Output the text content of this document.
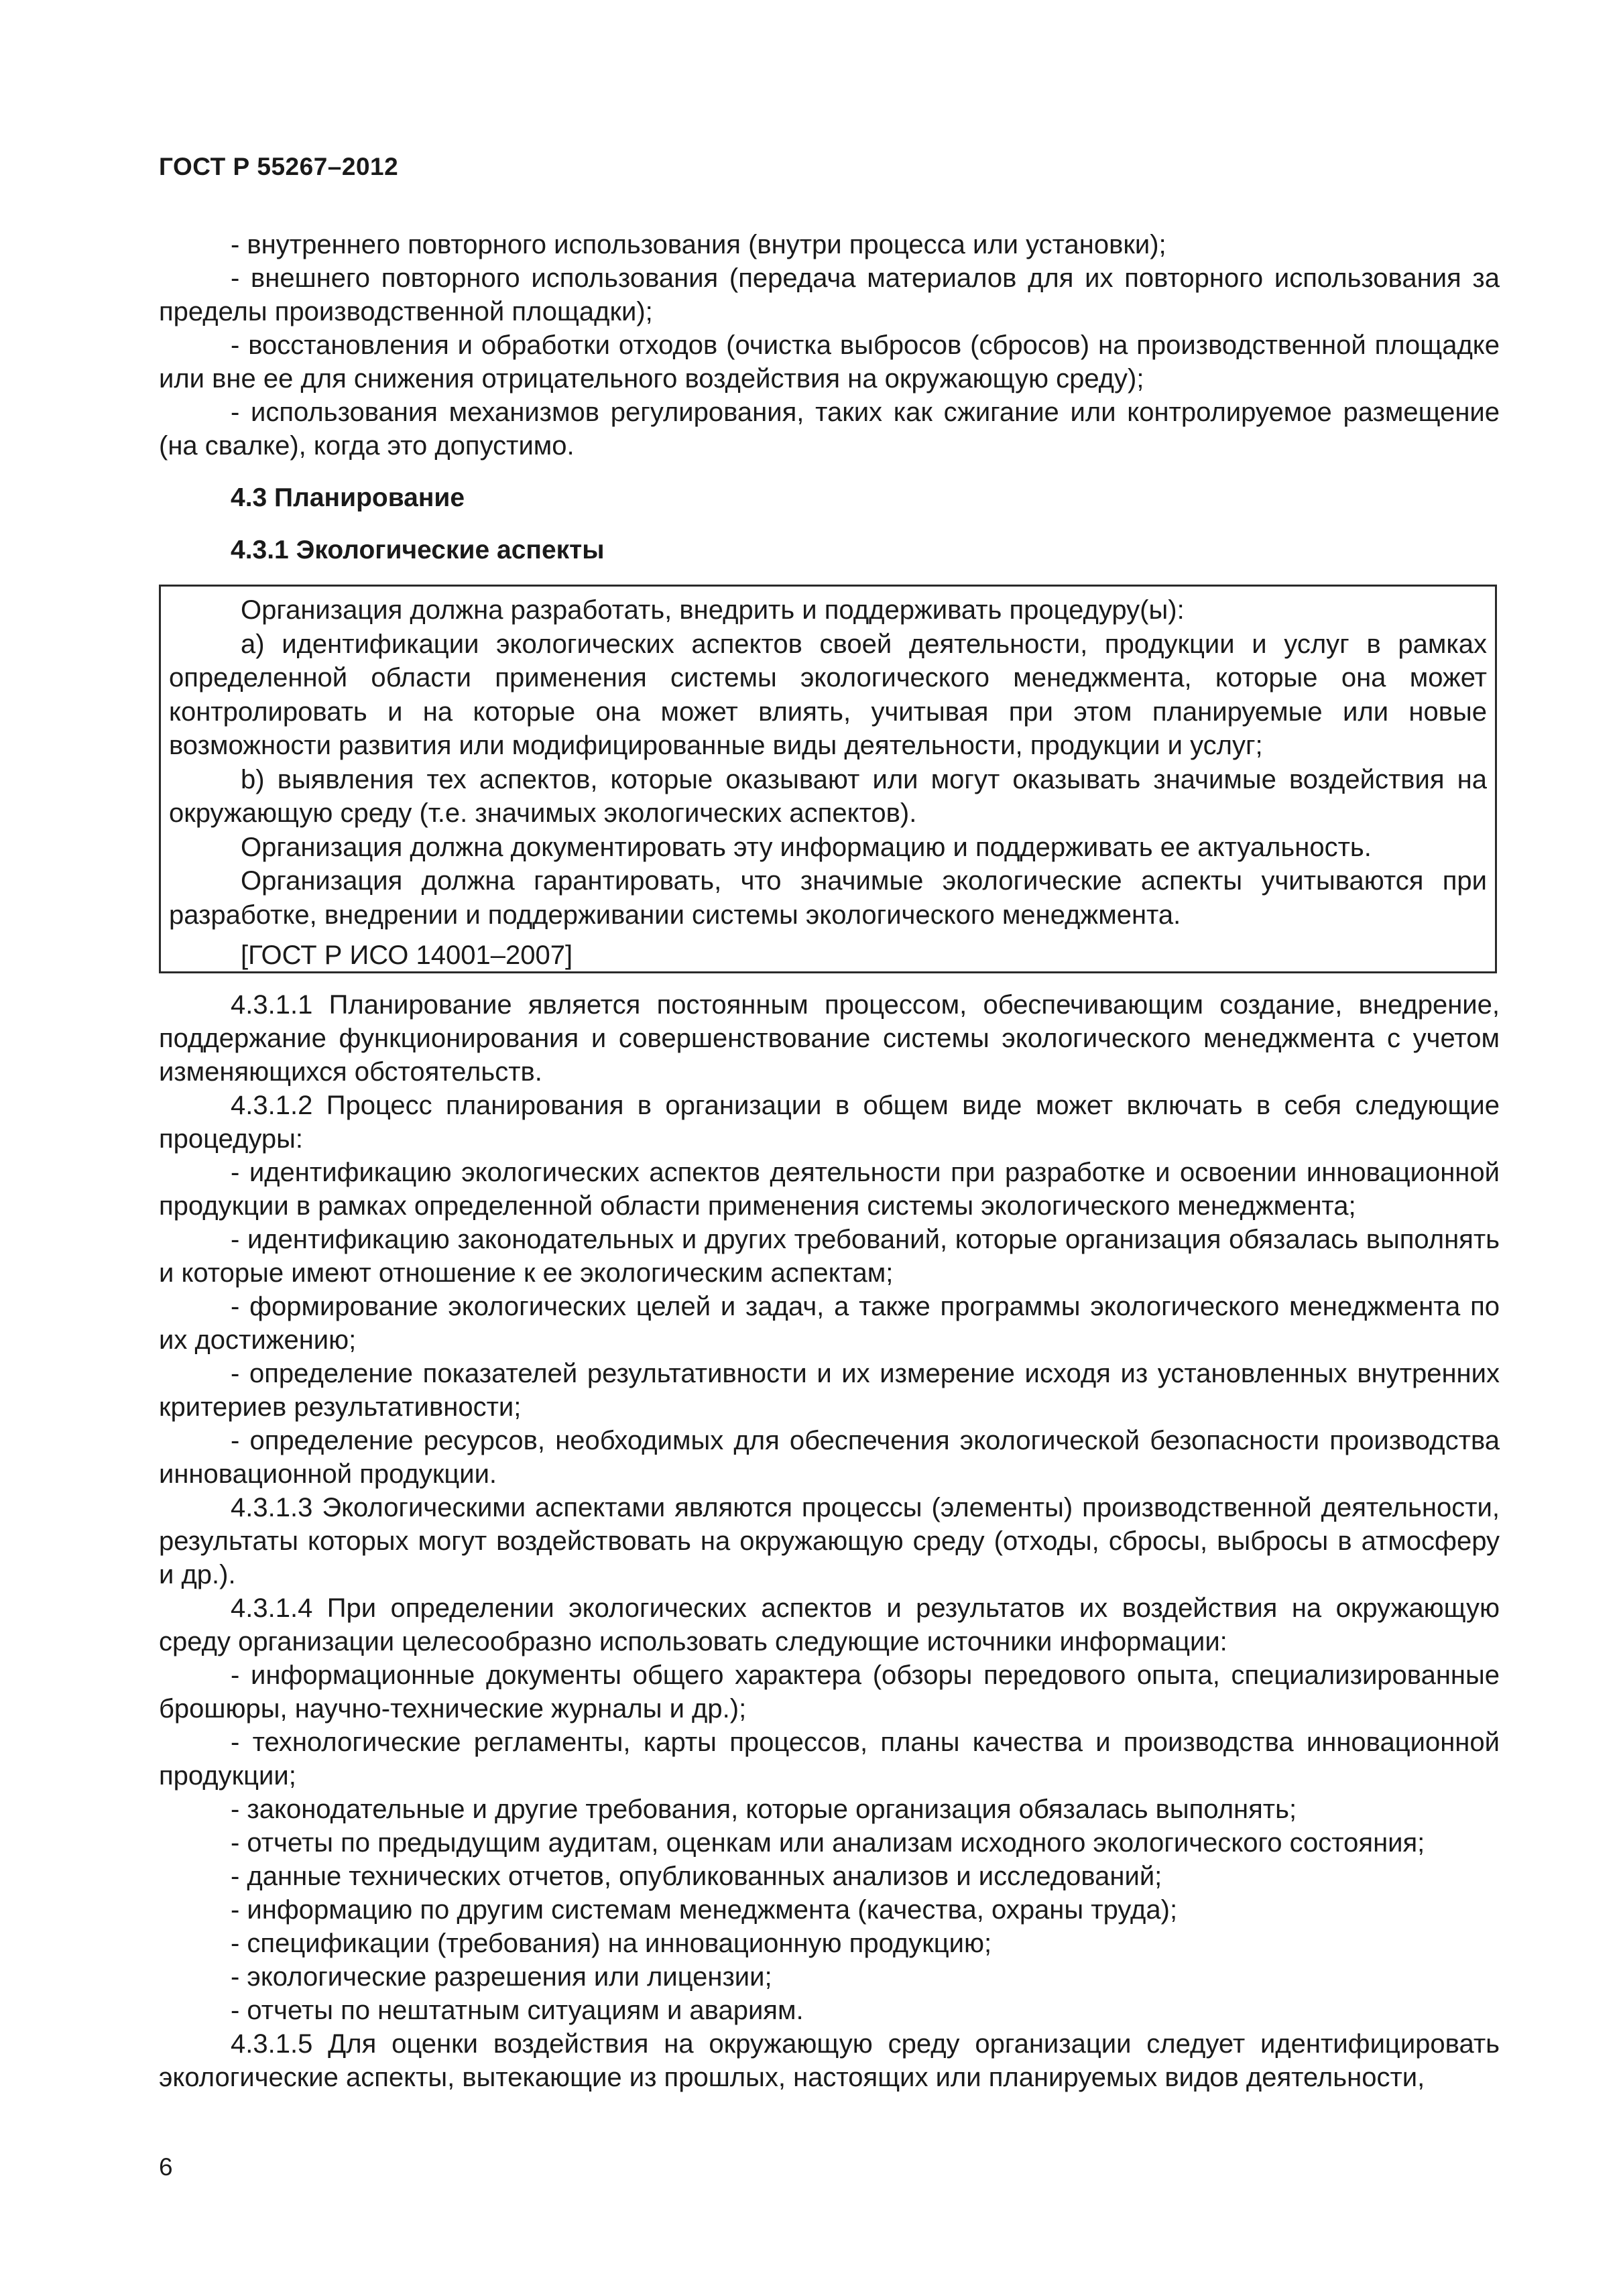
ГОСТ Р 55267–2012

- внутреннего повторного использования (внутри процесса или установки);

- внешнего повторного использования (передача материалов для их повторного использования за пределы производственной площадки);

- восстановления и обработки отходов (очистка выбросов (сбросов) на производственной площадке или вне ее для снижения отрицательного воздействия на окружающую среду);

- использования механизмов регулирования, таких как сжигание или контролируемое размещение (на свалке), когда это допустимо.

4.3 Планирование

4.3.1 Экологические аспекты

Организация должна разработать, внедрить и поддерживать процедуру(ы):

a) идентификации экологических аспектов своей деятельности, продукции и услуг в рамках определенной области применения системы экологического менеджмента, которые она может контролировать и на которые она может влиять, учитывая при этом планируемые или новые возможности развития или модифицированные виды деятельности, продукции и услуг;

b) выявления тех аспектов, которые оказывают или могут оказывать значимые воздействия на окружающую среду (т.е. значимых экологических аспектов).

Организация должна документировать эту информацию и поддерживать ее актуальность.

Организация должна гарантировать, что значимые экологические аспекты учитываются при разработке, внедрении и поддерживании системы экологического менеджмента.

[ГОСТ Р ИСО 14001–2007]

4.3.1.1 Планирование является постоянным процессом, обеспечивающим создание, внедрение, поддержание функционирования и совершенствование системы экологического менеджмента с учетом изменяющихся обстоятельств.

4.3.1.2 Процесс планирования в организации в общем виде может включать в себя следующие процедуры:

- идентификацию экологических аспектов деятельности при разработке и освоении инновационной продукции в рамках определенной области применения системы экологического менеджмента;

- идентификацию законодательных и других требований, которые организация обязалась выполнять и которые имеют отношение к ее экологическим аспектам;

- формирование экологических целей и задач, а также программы экологического менеджмента по их достижению;

- определение показателей результативности и их измерение исходя из установленных внутренних критериев результативности;

- определение ресурсов, необходимых для обеспечения экологической безопасности производства инновационной продукции.

4.3.1.3 Экологическими аспектами являются процессы (элементы) производственной деятельности, результаты которых могут воздействовать на окружающую среду (отходы, сбросы, выбросы в атмосферу и др.).

4.3.1.4 При определении экологических аспектов и результатов их воздействия на окружающую среду организации целесообразно использовать следующие источники информации:

- информационные документы общего характера (обзоры передового опыта, специализированные брошюры, научно-технические журналы и др.);

- технологические регламенты, карты процессов, планы качества и производства инновационной продукции;

- законодательные и другие требования, которые организация обязалась выполнять;

- отчеты по предыдущим аудитам, оценкам или анализам исходного экологического состояния;

- данные технических отчетов, опубликованных анализов и исследований;

- информацию по другим системам менеджмента (качества, охраны труда);

- спецификации (требования) на инновационную продукцию;

- экологические разрешения или лицензии;

- отчеты по нештатным ситуациям и авариям.

4.3.1.5 Для оценки воздействия на окружающую среду организации следует идентифицировать экологические аспекты, вытекающие из прошлых, настоящих или планируемых видов деятельности,

6
